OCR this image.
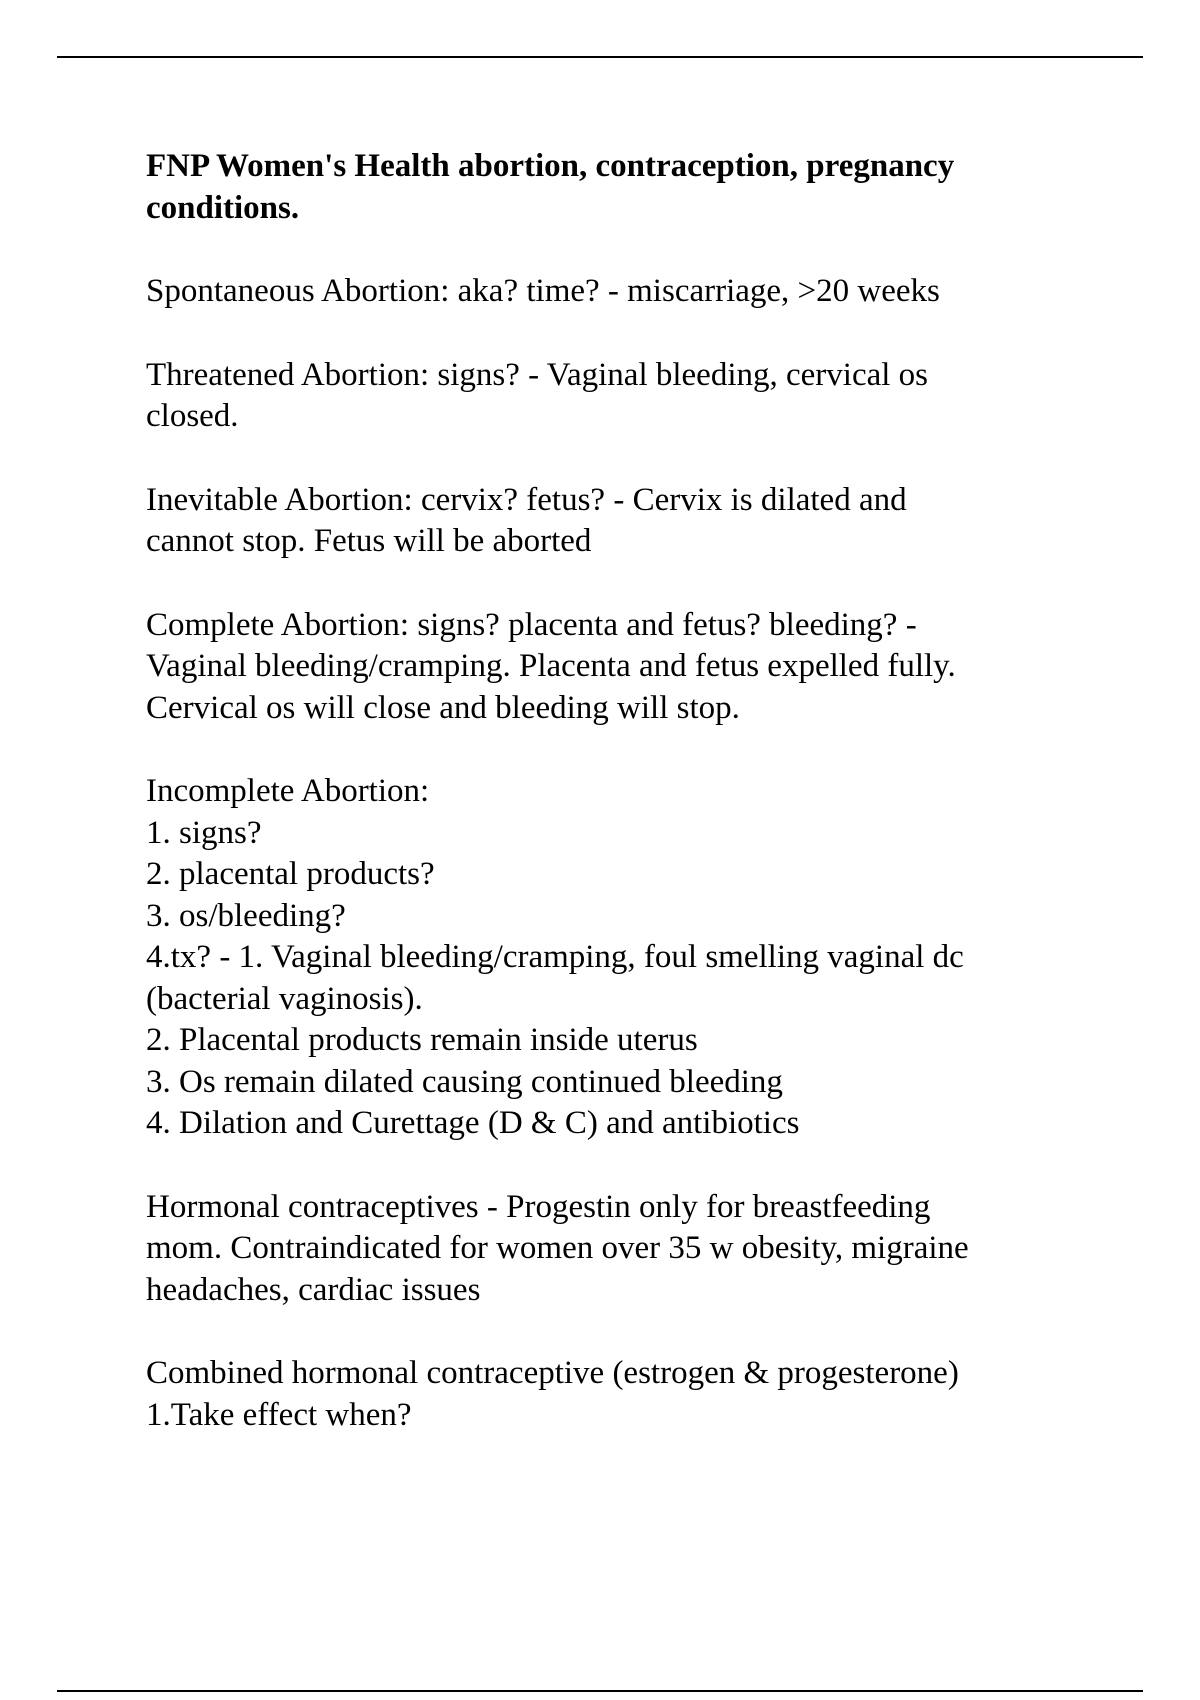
FNP Women's Health abortion, contraception, pregnancy
conditions.
Spontaneous Abortion: aka? time? - miscarriage, >20 weeks
Threatened Abortion: signs? - Vaginal bleeding, cervical os
closed.
Inevitable Abortion: cervix? fetus? - Cervix is dilated and
cannot stop. Fetus will be aborted
Complete Abortion: signs? placenta and fetus? bleeding? -
Vaginal bleeding/cramping. Placenta and fetus expelled fully.
Cervical os will close and bleeding will stop.
Incomplete Abortion:
1. signs?
2. placental products?
3. os/bleeding?
4.tx? - 1. Vaginal bleeding/cramping, foul smelling vaginal dc
(bacterial vaginosis).
2. Placental products remain inside uterus
3. Os remain dilated causing continued bleeding
4. Dilation and Curettage (D & C) and antibiotics
Hormonal contraceptives - Progestin only for breastfeeding
mom. Contraindicated for women over 35 w obesity, migraine
headaches, cardiac issues
Combined hormonal contraceptive (estrogen & progesterone)
1.Take effect when?
